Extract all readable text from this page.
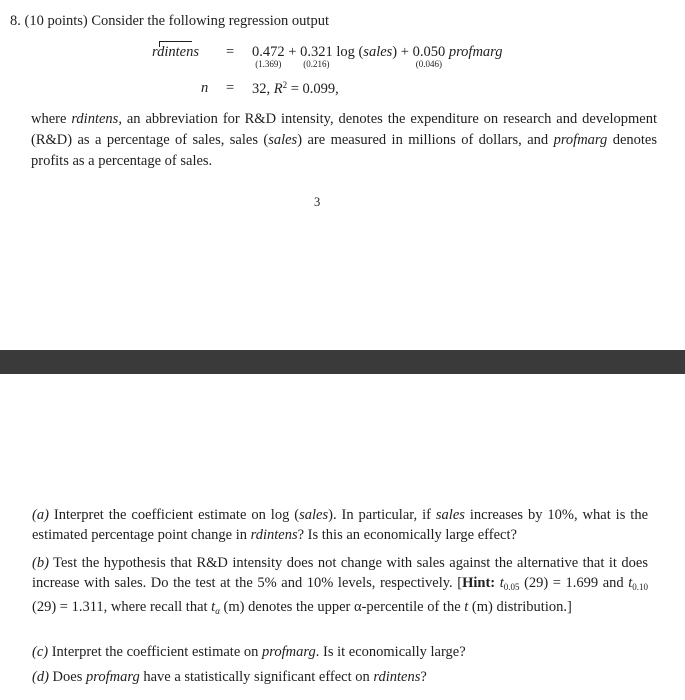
8. (10 points) Consider the following regression output
rdintens = 0.472
(1.369)
+ 0.321
(0.216)
log (sales) + 0.050
(0.046)
profmarg
n = 32, $R^2 = 0.099$,
where rdintens, an abbreviation for R&D intensity, denotes the expenditure on research and development (R&D) as a percentage of sales, sales (sales) are measured in millions of dollars, and profmarg denotes profits as a percentage of sales.
3
(a) Interpret the coefficient estimate on log (sales). In particular, if sales increases by 10%, what is the estimated percentage point change in rdintens? Is this an economically large effect?
(b) Test the hypothesis that R&D intensity does not change with sales against the alternative that it does increase with sales. Do the test at the 5% and 10% levels, respectively. [Hint: $t_{0.05}$ (29) = 1.699 and $t_{0.10}$ (29) = 1.311, where recall that $t_\alpha$ (m) denotes the upper α-percentile of the t (m) distribution.]
(c) Interpret the coefficient estimate on profmarg. Is it economically large?
(d) Does profmarg have a statistically significant effect on rdintens?
